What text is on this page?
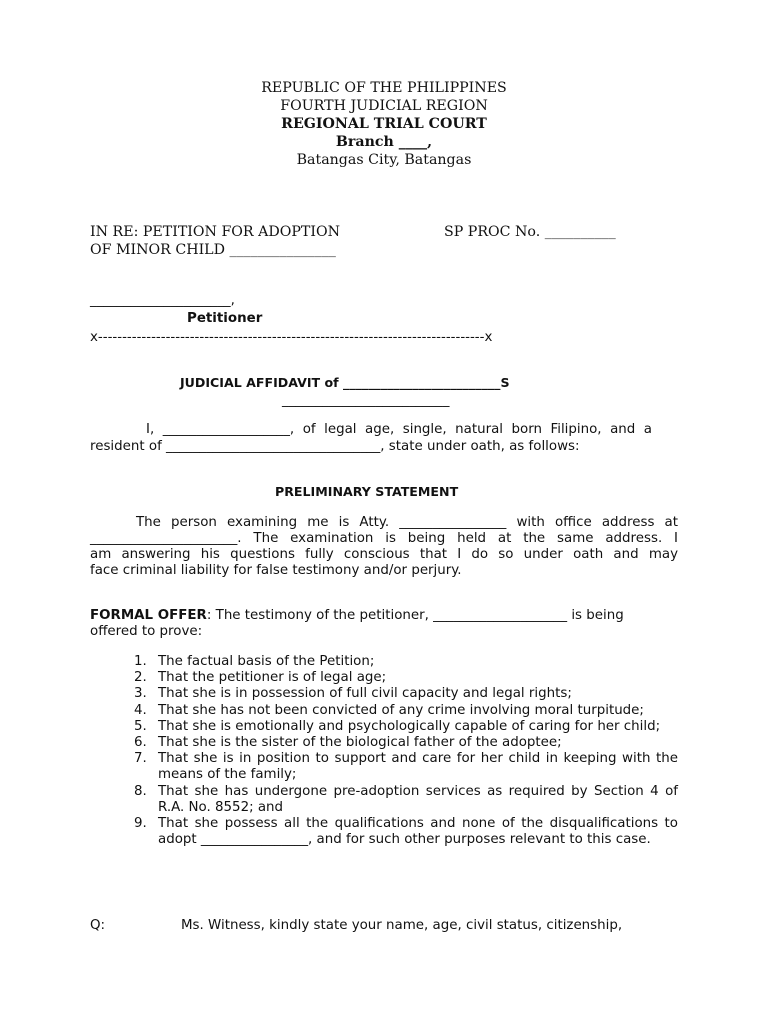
REPUBLIC OF THE PHILIPPINES
FOURTH JUDICIAL REGION
REGIONAL TRIAL COURT
Branch ____,
Batangas City, Batangas
IN RE: PETITION FOR ADOPTION
OF MINOR CHILD _______________
SP PROC No. __________
_____________________,
Petitioner
x--------------------------------------------------------------------------------x
JUDICIAL AFFIDAVIT of _________________________S
_________________________
I, ___________________, of legal age, single, natural born Filipino, and a
resident of ________________________________, state under oath, as follows:
PRELIMINARY STATEMENT
The person examining me is Atty. ________________ with office address at
______________________. The examination is being held at the same address. I
am answering his questions fully conscious that I do so under oath and may
face criminal liability for false testimony and/or perjury.
FORMAL OFFER: The testimony of the petitioner, ____________________ is being
offered to prove:
1. The factual basis of the Petition;
2. That the petitioner is of legal age;
3. That she is in possession of full civil capacity and legal rights;
4. That she has not been convicted of any crime involving moral turpitude;
5. That she is emotionally and psychologically capable of caring for her child;
6. That she is the sister of the biological father of the adoptee;
7. That she is in position to support and care for her child in keeping with the means of the family;
8. That she has undergone pre-adoption services as required by Section 4 of R.A. No. 8552; and
9. That she possess all the qualifications and none of the disqualifications to adopt ________________, and for such other purposes relevant to this case.
Q:	Ms. Witness, kindly state your name, age, civil status, citizenship,
